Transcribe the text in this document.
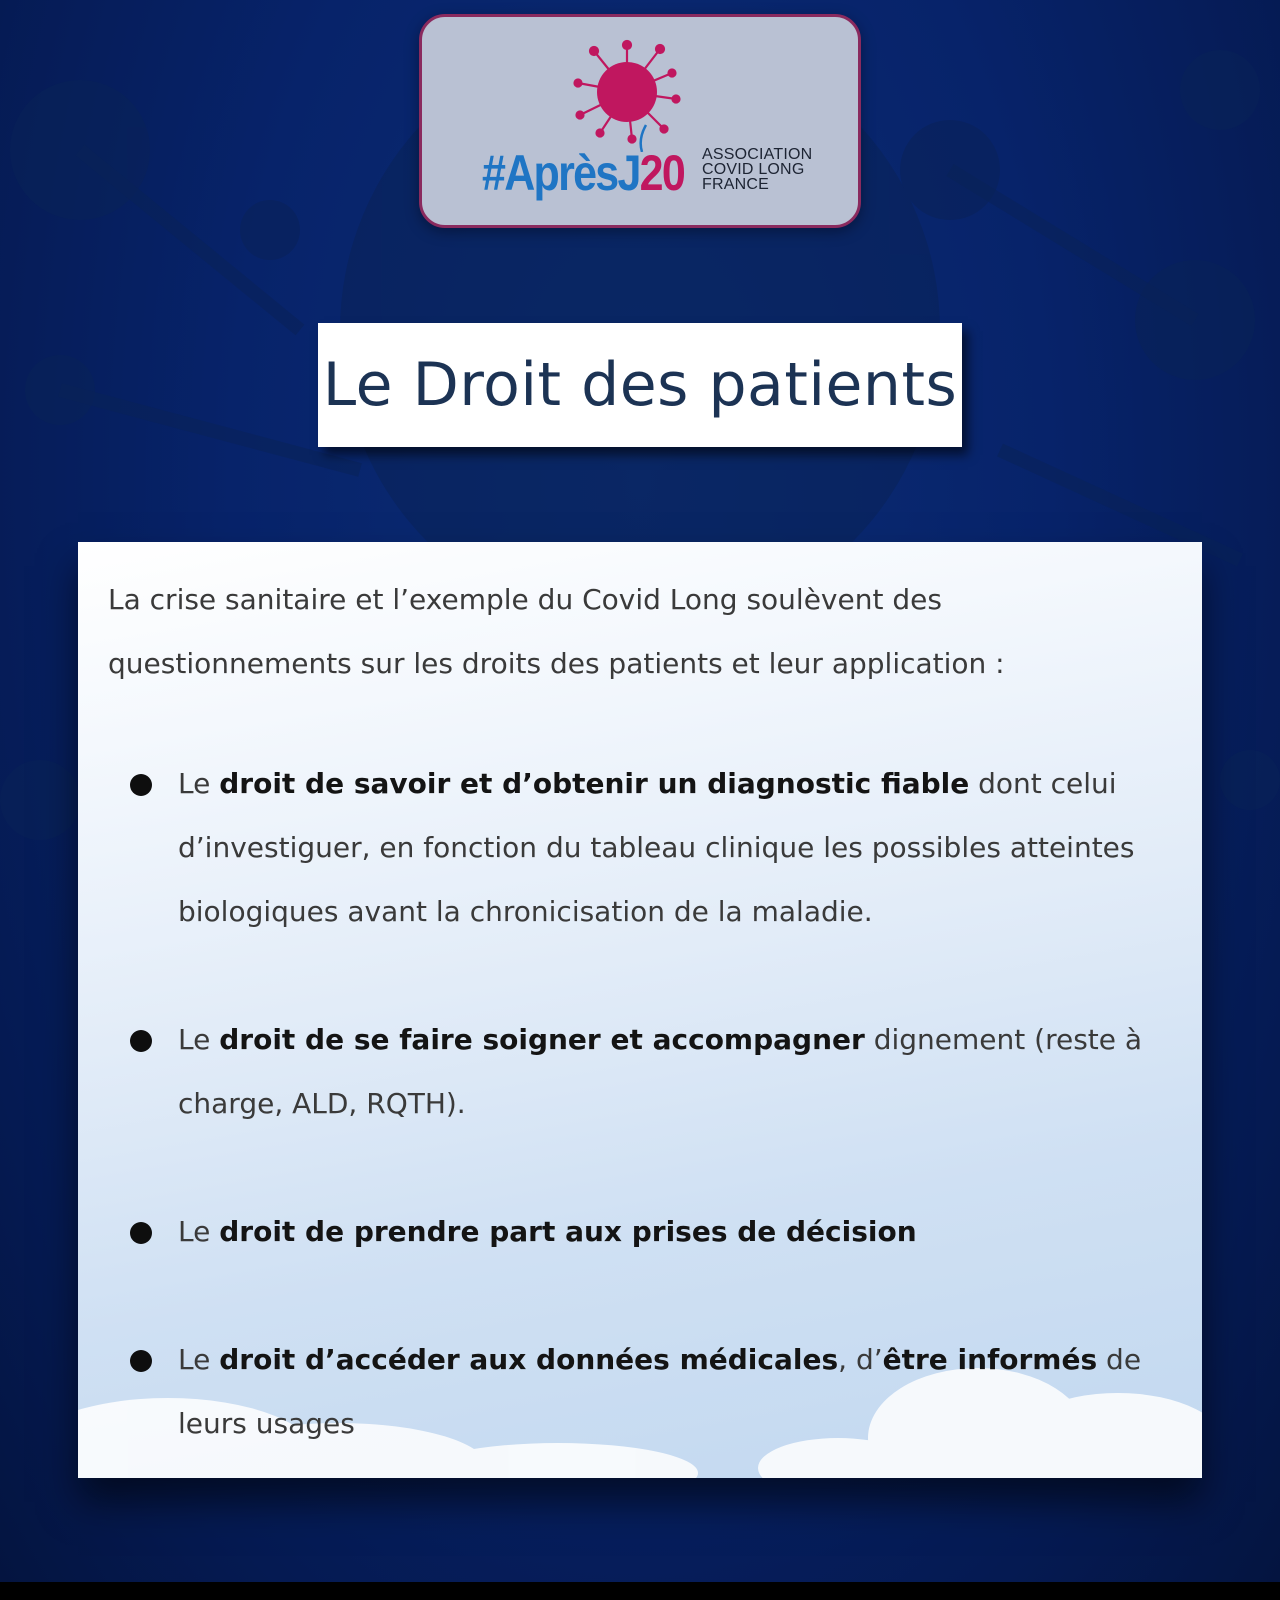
#AprèsJ20 ASSOCIATION
COVID LONG
FRANCE
Le Droit des patients

La crise sanitaire et l’exemple du Covid Long soulèvent des questionnements sur les droits des patients et leur application :

Le droit de savoir et d’obtenir un diagnostic fiable dont celui d’investiguer, en fonction du tableau clinique les possibles atteintes biologiques avant la chronicisation de la maladie.
Le droit de se faire soigner et accompagner dignement (reste à charge, ALD, RQTH).
Le droit de prendre part aux prises de décision
Le droit d’accéder aux données médicales, d’être informés de leurs usages
